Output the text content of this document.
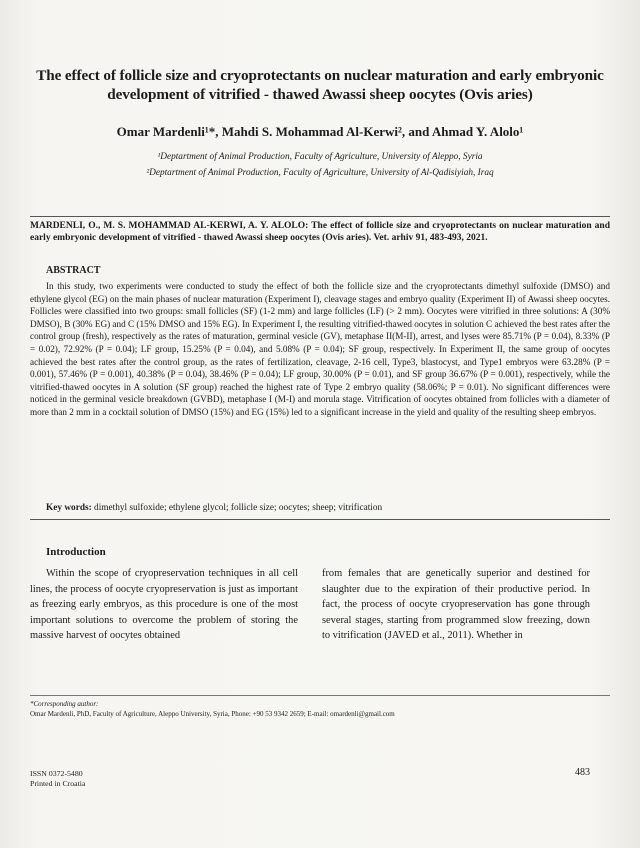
The effect of follicle size and cryoprotectants on nuclear maturation and early embryonic development of vitrified - thawed Awassi sheep oocytes (Ovis aries)
Omar Mardenli¹*, Mahdi S. Mohammad Al-Kerwi², and Ahmad Y. Alolo¹
¹Deptartment of Animal Production, Faculty of Agriculture, University of Aleppo, Syria
²Deptartment of Animal Production, Faculty of Agriculture, University of Al-Qadisiyiah, Iraq
MARDENLI, O., M. S. MOHAMMAD AL-KERWI, A. Y. ALOLO: The effect of follicle size and cryoprotectants on nuclear maturation and early embryonic development of vitrified - thawed Awassi sheep oocytes (Ovis aries). Vet. arhiv 91, 483-493, 2021.
ABSTRACT
In this study, two experiments were conducted to study the effect of both the follicle size and the cryoprotectants dimethyl sulfoxide (DMSO) and ethylene glycol (EG) on the main phases of nuclear maturation (Experiment I), cleavage stages and embryo quality (Experiment II) of Awassi sheep oocytes. Follicles were classified into two groups: small follicles (SF) (1-2 mm) and large follicles (LF) (> 2 mm). Oocytes were vitrified in three solutions: A (30% DMSO), B (30% EG) and C (15% DMSO and 15% EG). In Experiment I, the resulting vitrified-thawed oocytes in solution C achieved the best rates after the control group (fresh), respectively as the rates of maturation, germinal vesicle (GV), metaphase II(M-II), arrest, and lyses were 85.71% (P = 0.04), 8.33% (P = 0.02), 72.92% (P = 0.04); LF group, 15.25% (P = 0.04), and 5.08% (P = 0.04); SF group, respectively. In Experiment II, the same group of oocytes achieved the best rates after the control group, as the rates of fertilization, cleavage, 2-16 cell, Type3, blastocyst, and Type1 embryos were 63.28% (P = 0.001), 57.46% (P = 0.001), 40.38% (P = 0.04), 38.46% (P = 0.04); LF group, 30.00% (P = 0.01), and SF group 36.67% (P = 0.001), respectively, while the vitrified-thawed oocytes in A solution (SF group) reached the highest rate of Type 2 embryo quality (58.06%; P = 0.01). No significant differences were noticed in the germinal vesicle breakdown (GVBD), metaphase I (M-I) and morula stage. Vitrification of oocytes obtained from follicles with a diameter of more than 2 mm in a cocktail solution of DMSO (15%) and EG (15%) led to a significant increase in the yield and quality of the resulting sheep embryos.
Key words: dimethyl sulfoxide; ethylene glycol; follicle size; oocytes; sheep; vitrification
Introduction
Within the scope of cryopreservation techniques in all cell lines, the process of oocyte cryopreservation is just as important as freezing early embryos, as this procedure is one of the most important solutions to overcome the problem of storing the massive harvest of oocytes obtained
from females that are genetically superior and destined for slaughter due to the expiration of their productive period. In fact, the process of oocyte cryopreservation has gone through several stages, starting from programmed slow freezing, down to vitrification (JAVED et al., 2011). Whether in
*Corresponding author:
Omar Mardenli, PhD, Faculty of Agriculture, Aleppo University, Syria, Phone: +90 53 9342 2659; E-mail: omardenli@gmail.com
ISSN 0372-5480
Printed in Croatia
483
